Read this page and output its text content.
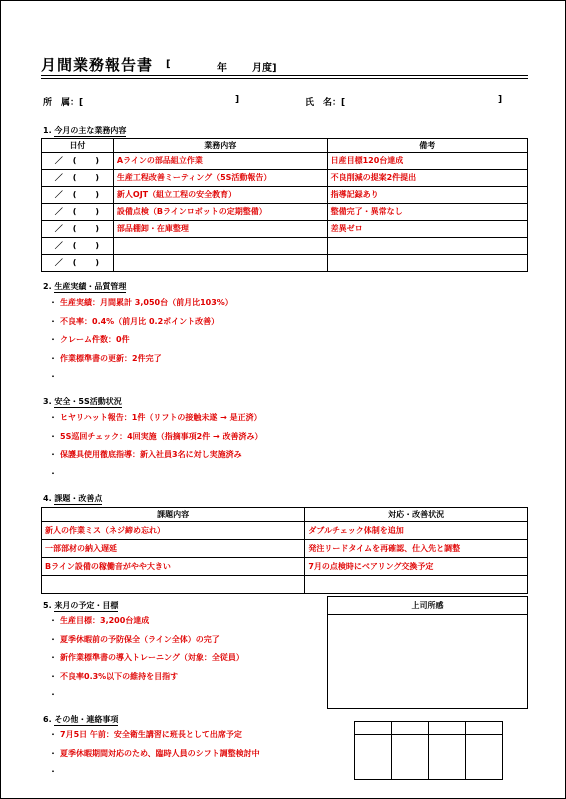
月間業務報告書 [	年	月度]
所　属：[	]	氏　名：[	]
1. 今月の主な業務内容
日付	業務内容	備考
／　(　　)	Aラインの部品組立作業	日産目標120台達成
／　(　　)	生産工程改善ミーティング（5S活動報告）	不良削減の提案2件提出
／　(　　)	新人OJT（組立工程の安全教育）	指導記録あり
／　(　　)	設備点検（Bラインロボットの定期整備）	整備完了・異常なし
／　(　　)	部品棚卸・在庫整理	差異ゼロ
／　(　　)		
／　(　　)		
2. 生産実績・品質管理
・ 生産実績：月間累計 3,050台（前月比103%）
・ 不良率：0.4%（前月比 0.2ポイント改善）
・ クレーム件数：0件
・ 作業標準書の更新：2件完了
・
3. 安全・5S活動状況
・ ヒヤリハット報告：1件（リフトの接触未遂 → 是正済）
・ 5S巡回チェック：4回実施（指摘事項2件 → 改善済み）
・ 保護具使用徹底指導：新入社員3名に対し実施済み
・
4. 課題・改善点
課題内容	対応・改善状況
新人の作業ミス（ネジ締め忘れ）	ダブルチェック体制を追加
一部部材の納入遅延	発注リードタイムを再確認、仕入先と調整
Bライン設備の稼働音がやや大きい	7月の点検時にベアリング交換予定

5. 来月の予定・目標
・ 生産目標：3,200台達成
・ 夏季休暇前の予防保全（ライン全体）の完了
・ 新作業標準書の導入トレーニング（対象：全従員）
・ 不良率0.3%以下の維持を目指す
・
上司所感
6. その他・連絡事項
・ 7月5日 午前：安全衛生講習に班長として出席予定
・ 夏季休暇期間対応のため、臨時人員のシフト調整検討中
・
